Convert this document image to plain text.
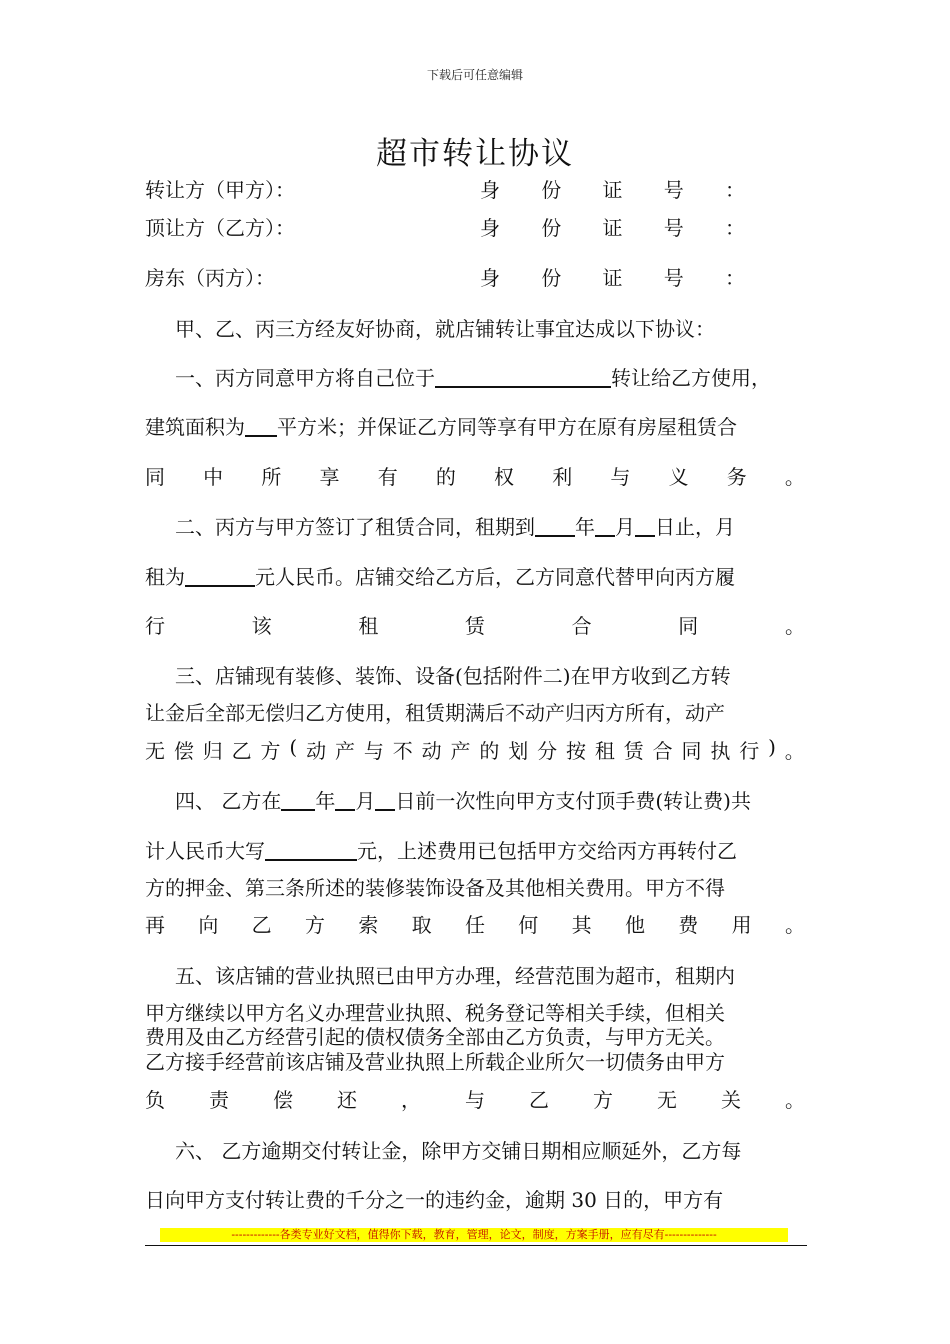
下载后可任意编辑
超市转让协议
转让方（甲方）：	身 份 证 号 ：
顶让方（乙方）：	身 份 证 号 ：
房东（丙方）：	身 份 证 号 ：
甲、乙、丙三方经友好协商，就店铺转让事宜达成以下协议：
一、丙方同意甲方将自己位于	转让给乙方使用，
建筑面积为 平方米；并保证乙方同等享有甲方在原有房屋租赁合
同 中 所 享 有 的 权 利 与 义 务 。
二、丙方与甲方签订了租赁合同，租期到 年 月 日止，月
租为	元人民币。店铺交给乙方后，乙方同意代替甲向丙方履
行	该	租	赁	合	同	。
三、店铺现有装修、装饰、设备(包括附件二)在甲方收到乙方转
让金后全部无偿归乙方使用，租赁期满后不动产归丙方所有，动产
无 偿 归 乙 方 ( 动 产 与 不 动 产 的 划 分 按 租 赁 合 同 执 行 ) 。
四、 乙方在 年 月 日前一次性向甲方支付顶手费(转让费)共
计人民币大写	元，上述费用已包括甲方交给丙方再转付乙
方的押金、第三条所述的装修装饰设备及其他相关费用。甲方不得
再 向 乙 方 索 取 任 何 其 他 费 用 。
五、该店铺的营业执照已由甲方办理，经营范围为超市，租期内
甲方继续以甲方名义办理营业执照、税务登记等相关手续，但相关
费用及由乙方经营引起的债权债务全部由乙方负责，与甲方无关。
乙方接手经营前该店铺及营业执照上所载企业所欠一切债务由甲方
负 责 偿 还 ， 与 乙 方 无 关 。
六、 乙方逾期交付转让金，除甲方交铺日期相应顺延外，乙方每
日向甲方支付转让费的千分之一的违约金，逾期 30 日的，甲方有
-------------各类专业好文档，值得你下载，教育，管理，论文，制度，方案手册，应有尽有--------------
